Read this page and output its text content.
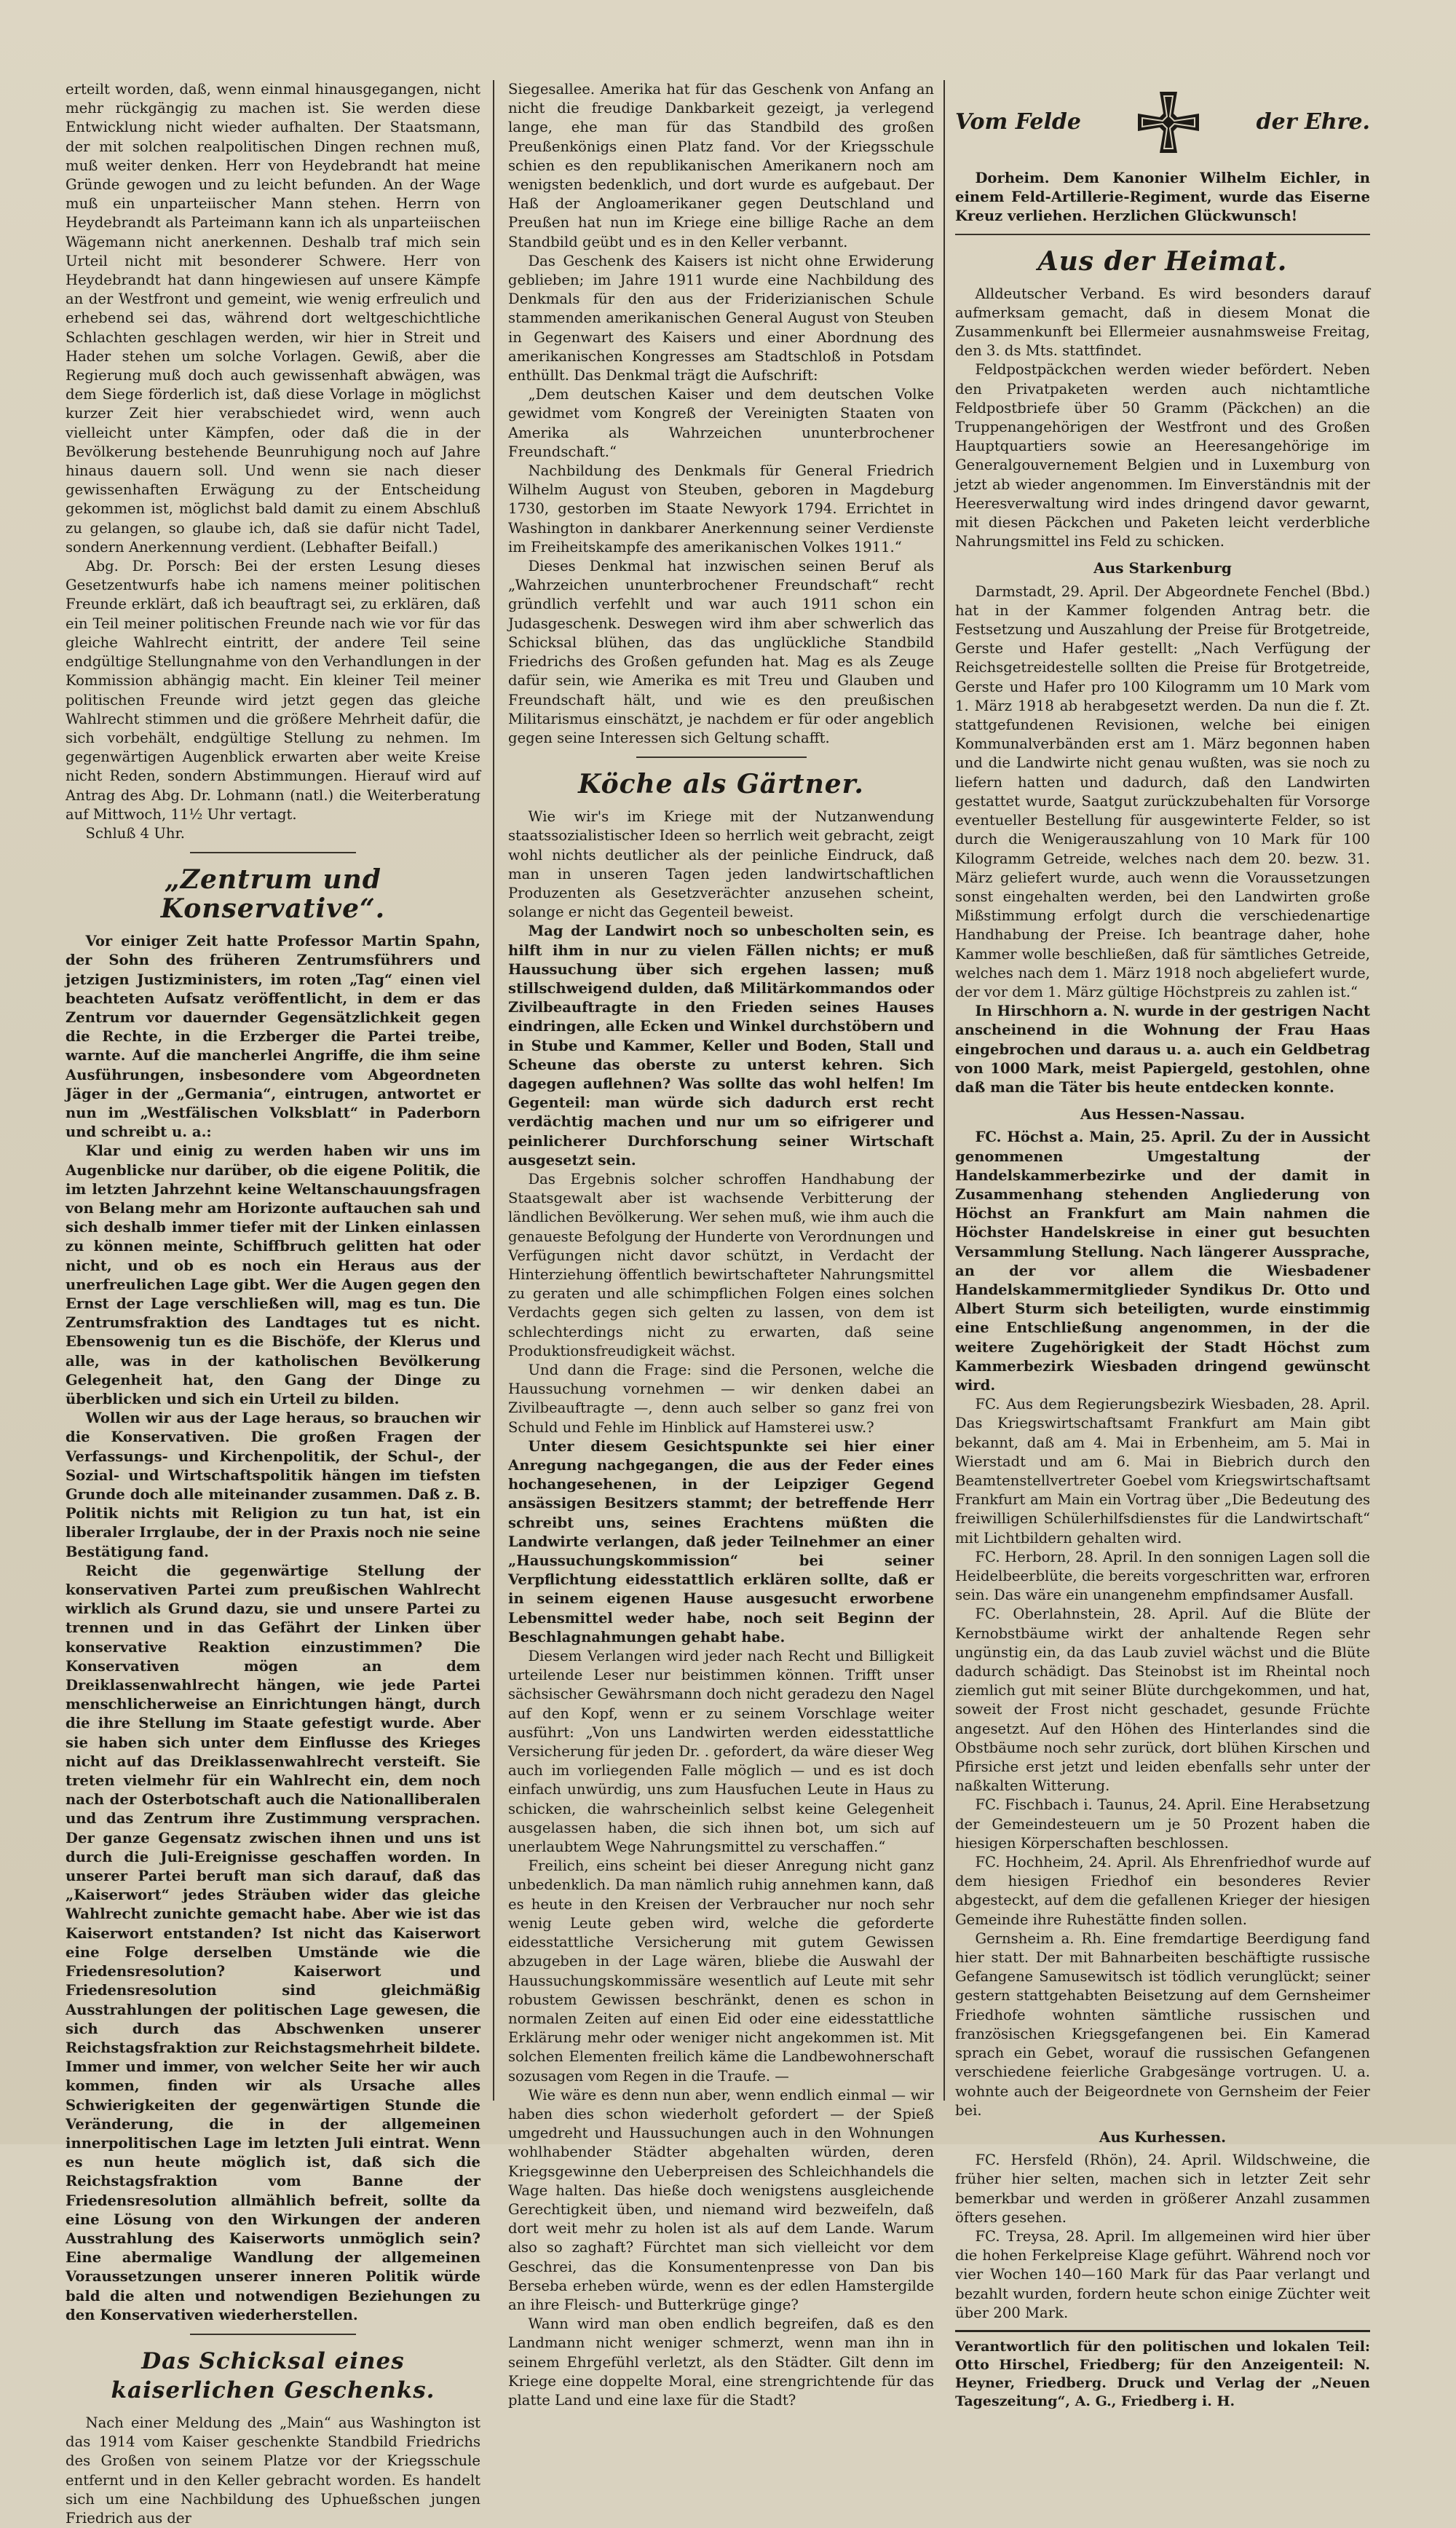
erteilt worden, daß, wenn einmal hinausgegangen, nicht mehr rückgängig zu machen ist. Sie werden diese Entwicklung nicht wieder aufhalten. Der Staatsmann, der mit solchen realpolitischen Dingen rechnen muß, muß weiter denken. Herr von Heydebrandt hat meine Gründe gewogen und zu leicht befunden. An der Wage muß ein unparteiischer Mann stehen. Herrn von Heydebrandt als Parteimann kann ich als unparteiischen Wägemann nicht anerkennen. Deshalb traf mich sein Urteil nicht mit besonderer Schwere. Herr von Heydebrandt hat dann hingewiesen auf unsere Kämpfe an der Westfront und gemeint, wie wenig erfreulich und erhebend sei das, während dort weltgeschichtliche Schlachten geschlagen werden, wir hier in Streit und Hader stehen um solche Vorlagen. Gewiß, aber die Regierung muß doch auch gewissenhaft abwägen, was dem Siege förderlich ist, daß diese Vorlage in möglichst kurzer Zeit hier verabschiedet wird, wenn auch vielleicht unter Kämpfen, oder daß die in der Bevölkerung bestehende Beunruhigung noch auf Jahre hinaus dauern soll. Und wenn sie nach dieser gewissenhaften Erwägung zu der Entscheidung gekommen ist, möglichst bald damit zu einem Abschluß zu gelangen, so glaube ich, daß sie dafür nicht Tadel, sondern Anerkennung verdient. (Lebhafter Beifall.)

Abg. Dr. Porsch: Bei der ersten Lesung dieses Gesetzentwurfs habe ich namens meiner politischen Freunde erklärt, daß ich beauftragt sei, zu erklären, daß ein Teil meiner politischen Freunde nach wie vor für das gleiche Wahlrecht eintritt, der andere Teil seine endgültige Stellungnahme von den Verhandlungen in der Kommission abhängig macht. Ein kleiner Teil meiner politischen Freunde wird jetzt gegen das gleiche Wahlrecht stimmen und die größere Mehrheit dafür, die sich vorbehält, endgültige Stellung zu nehmen. Im gegenwärtigen Augenblick erwarten aber weite Kreise nicht Reden, sondern Abstimmungen. Hierauf wird auf Antrag des Abg. Dr. Lohmann (natl.) die Weiterberatung auf Mittwoch, 11½ Uhr vertagt.

Schluß 4 Uhr.

„Zentrum und Konservative“.

Vor einiger Zeit hatte Professor Martin Spahn, der Sohn des früheren Zentrumsführers und jetzigen Justizministers, im roten „Tag“ einen viel beachteten Aufsatz veröffentlicht, in dem er das Zentrum vor dauernder Gegensätzlichkeit gegen die Rechte, in die Erzberger die Partei treibe, warnte. Auf die mancherlei Angriffe, die ihm seine Ausführungen, insbesondere vom Abgeordneten Jäger in der „Germania“, eintrugen, antwortet er nun im „Westfälischen Volksblatt“ in Paderborn und schreibt u. a.:

Klar und einig zu werden haben wir uns im Augenblicke nur darüber, ob die eigene Politik, die im letzten Jahrzehnt keine Weltanschauungsfragen von Belang mehr am Horizonte auftauchen sah und sich deshalb immer tiefer mit der Linken einlassen zu können meinte, Schiffbruch gelitten hat oder nicht, und ob es noch ein Heraus aus der unerfreulichen Lage gibt. Wer die Augen gegen den Ernst der Lage verschließen will, mag es tun. Die Zentrumsfraktion des Landtages tut es nicht. Ebensowenig tun es die Bischöfe, der Klerus und alle, was in der katholischen Bevölkerung Gelegenheit hat, den Gang der Dinge zu überblicken und sich ein Urteil zu bilden.

Wollen wir aus der Lage heraus, so brauchen wir die Konservativen. Die großen Fragen der Verfassungs- und Kirchenpolitik, der Schul-, der Sozial- und Wirtschaftspolitik hängen im tiefsten Grunde doch alle miteinander zusammen. Daß z. B. Politik nichts mit Religion zu tun hat, ist ein liberaler Irrglaube, der in der Praxis noch nie seine Bestätigung fand.

Reicht die gegenwärtige Stellung der konservativen Partei zum preußischen Wahlrecht wirklich als Grund dazu, sie und unsere Partei zu trennen und in das Gefährt der Linken über konservative Reaktion einzustimmen? Die Konservativen mögen an dem Dreiklassenwahlrecht hängen, wie jede Partei menschlicherweise an Einrichtungen hängt, durch die ihre Stellung im Staate gefestigt wurde. Aber sie haben sich unter dem Einflusse des Krieges nicht auf das Dreiklassenwahlrecht versteift. Sie treten vielmehr für ein Wahlrecht ein, dem noch nach der Osterbotschaft auch die Nationalliberalen und das Zentrum ihre Zustimmung versprachen. Der ganze Gegensatz zwischen ihnen und uns ist durch die Juli-Ereignisse geschaffen worden. In unserer Partei beruft man sich darauf, daß das „Kaiserwort“ jedes Sträuben wider das gleiche Wahlrecht zunichte gemacht habe. Aber wie ist das Kaiserwort entstanden? Ist nicht das Kaiserwort eine Folge derselben Umstände wie die Friedensresolution? Kaiserwort und Friedensresolution sind gleichmäßig Ausstrahlungen der politischen Lage gewesen, die sich durch das Abschwenken unserer Reichstagsfraktion zur Reichstagsmehrheit bildete. Immer und immer, von welcher Seite her wir auch kommen, finden wir als Ursache alles Schwierigkeiten der gegenwärtigen Stunde die Veränderung, die in der allgemeinen innerpolitischen Lage im letzten Juli eintrat. Wenn es nun heute möglich ist, daß sich die Reichstagsfraktion vom Banne der Friedensresolution allmählich befreit, sollte da eine Lösung von den Wirkungen der anderen Ausstrahlung des Kaiserworts unmöglich sein? Eine abermalige Wandlung der allgemeinen Voraussetzungen unserer inneren Politik würde bald die alten und notwendigen Beziehungen zu den Konservativen wiederherstellen.

Das Schicksal eines kaiserlichen Geschenks.

Nach einer Meldung des „Main“ aus Washington ist das 1914 vom Kaiser geschenkte Standbild Friedrichs des Großen von seinem Platze vor der Kriegsschule entfernt und in den Keller gebracht worden. Es handelt sich um eine Nachbildung des Uphueßschen jungen Friedrich aus der

Siegesallee. Amerika hat für das Geschenk von Anfang an nicht die freudige Dankbarkeit gezeigt, ja verlegend lange, ehe man für das Standbild des großen Preußenkönigs einen Platz fand. Vor der Kriegsschule schien es den republikanischen Amerikanern noch am wenigsten bedenklich, und dort wurde es aufgebaut. Der Haß der Angloamerikaner gegen Deutschland und Preußen hat nun im Kriege eine billige Rache an dem Standbild geübt und es in den Keller verbannt.

Das Geschenk des Kaisers ist nicht ohne Erwiderung geblieben; im Jahre 1911 wurde eine Nachbildung des Denkmals für den aus der Friderizianischen Schule stammenden amerikanischen General August von Steuben in Gegenwart des Kaisers und einer Abordnung des amerikanischen Kongresses am Stadtschloß in Potsdam enthüllt. Das Denkmal trägt die Aufschrift:

„Dem deutschen Kaiser und dem deutschen Volke gewidmet vom Kongreß der Vereinigten Staaten von Amerika als Wahrzeichen ununterbrochener Freundschaft.“

Nachbildung des Denkmals für General Friedrich Wilhelm August von Steuben, geboren in Magdeburg 1730, gestorben im Staate Newyork 1794. Errichtet in Washington in dankbarer Anerkennung seiner Verdienste im Freiheitskampfe des amerikanischen Volkes 1911.“

Dieses Denkmal hat inzwischen seinen Beruf als „Wahrzeichen ununterbrochener Freundschaft“ recht gründlich verfehlt und war auch 1911 schon ein Judasgeschenk. Deswegen wird ihm aber schwerlich das Schicksal blühen, das das unglückliche Standbild Friedrichs des Großen gefunden hat. Mag es als Zeuge dafür sein, wie Amerika es mit Treu und Glauben und Freundschaft hält, und wie es den preußischen Militarismus einschätzt, je nachdem er für oder angeblich gegen seine Interessen sich Geltung schafft.

Köche als Gärtner.

Wie wir's im Kriege mit der Nutzanwendung staatssozialistischer Ideen so herrlich weit gebracht, zeigt wohl nichts deutlicher als der peinliche Eindruck, daß man in unseren Tagen jeden landwirtschaftlichen Produzenten als Gesetzverächter anzusehen scheint, solange er nicht das Gegenteil beweist.

Mag der Landwirt noch so unbescholten sein, es hilft ihm in nur zu vielen Fällen nichts; er muß Haussuchung über sich ergehen lassen; muß stillschweigend dulden, daß Militärkommandos oder Zivilbeauftragte in den Frieden seines Hauses eindringen, alle Ecken und Winkel durchstöbern und in Stube und Kammer, Keller und Boden, Stall und Scheune das oberste zu unterst kehren. Sich dagegen auflehnen? Was sollte das wohl helfen! Im Gegenteil: man würde sich dadurch erst recht verdächtig machen und nur um so eifrigerer und peinlicherer Durchforschung seiner Wirtschaft ausgesetzt sein.

Das Ergebnis solcher schroffen Handhabung der Staatsgewalt aber ist wachsende Verbitterung der ländlichen Bevölkerung. Wer sehen muß, wie ihm auch die genaueste Befolgung der Hunderte von Verordnungen und Verfügungen nicht davor schützt, in Verdacht der Hinterziehung öffentlich bewirtschafteter Nahrungsmittel zu geraten und alle schimpflichen Folgen eines solchen Verdachts gegen sich gelten zu lassen, von dem ist schlechterdings nicht zu erwarten, daß seine Produktionsfreudigkeit wächst.

Und dann die Frage: sind die Personen, welche die Haussuchung vornehmen — wir denken dabei an Zivilbeauftragte —, denn auch selber so ganz frei von Schuld und Fehle im Hinblick auf Hamsterei usw.?

Unter diesem Gesichtspunkte sei hier einer Anregung nachgegangen, die aus der Feder eines hochangesehenen, in der Leipziger Gegend ansässigen Besitzers stammt; der betreffende Herr schreibt uns, seines Erachtens müßten die Landwirte verlangen, daß jeder Teilnehmer an einer „Haussuchungskommission“ bei seiner Verpflichtung eidesstattlich erklären sollte, daß er in seinem eigenen Hause ausgesucht erworbene Lebensmittel weder habe, noch seit Beginn der Beschlagnahmungen gehabt habe.

Diesem Verlangen wird jeder nach Recht und Billigkeit urteilende Leser nur beistimmen können. Trifft unser sächsischer Gewährsmann doch nicht geradezu den Nagel auf den Kopf, wenn er zu seinem Vorschlage weiter ausführt: „Von uns Landwirten werden eidesstattliche Versicherung für jeden Dr. . gefordert, da wäre dieser Weg auch im vorliegenden Falle möglich — und es ist doch einfach unwürdig, uns zum Hausfuchen Leute in Haus zu schicken, die wahrscheinlich selbst keine Gelegenheit ausgelassen haben, die sich ihnen bot, um sich auf unerlaubtem Wege Nahrungsmittel zu verschaffen.“

Freilich, eins scheint bei dieser Anregung nicht ganz unbedenklich. Da man nämlich ruhig annehmen kann, daß es heute in den Kreisen der Verbraucher nur noch sehr wenig Leute geben wird, welche die geforderte eidesstattliche Versicherung mit gutem Gewissen abzugeben in der Lage wären, bliebe die Auswahl der Haussuchungskommissäre wesentlich auf Leute mit sehr robustem Gewissen beschränkt, denen es schon in normalen Zeiten auf einen Eid oder eine eidesstattliche Erklärung mehr oder weniger nicht angekommen ist. Mit solchen Elementen freilich käme die Landbewohnerschaft sozusagen vom Regen in die Traufe. —

Wie wäre es denn nun aber, wenn endlich einmal — wir haben dies schon wiederholt gefordert — der Spieß umgedreht und Haussuchungen auch in den Wohnungen wohlhabender Städter abgehalten würden, deren Kriegsgewinne den Ueberpreisen des Schleichhandels die Wage halten. Das hieße doch wenigstens ausgleichende Gerechtigkeit üben, und niemand wird bezweifeln, daß dort weit mehr zu holen ist als auf dem Lande. Warum also so zaghaft? Fürchtet man sich vielleicht vor dem Geschrei, das die Konsumentenpresse von Dan bis Berseba erheben würde, wenn es der edlen Hamstergilde an ihre Fleisch- und Butterkrüge ginge?

Wann wird man oben endlich begreifen, daß es den Landmann nicht weniger schmerzt, wenn man ihn in seinem Ehrgefühl verletzt, als den Städter. Gilt denn im Kriege eine doppelte Moral, eine strengrichtende für das platte Land und eine laxe für die Stadt?

Vom Felde	der Ehre.

Dorheim. Dem Kanonier Wilhelm Eichler, in einem Feld-Artillerie-Regiment, wurde das Eiserne Kreuz verliehen. Herzlichen Glückwunsch!

Aus der Heimat.

Alldeutscher Verband. Es wird besonders darauf aufmerksam gemacht, daß in diesem Monat die Zusammenkunft bei Ellermeier ausnahmsweise Freitag, den 3. ds Mts. stattfindet.

Feldpostpäckchen werden wieder befördert. Neben den Privatpaketen werden auch nichtamtliche Feldpostbriefe über 50 Gramm (Päckchen) an die Truppenangehörigen der Westfront und des Großen Hauptquartiers sowie an Heeresangehörige im Generalgouvernement Belgien und in Luxemburg von jetzt ab wieder angenommen. Im Einverständnis mit der Heeresverwaltung wird indes dringend davor gewarnt, mit diesen Päckchen und Paketen leicht verderbliche Nahrungsmittel ins Feld zu schicken.

Aus Starkenburg

Darmstadt, 29. April. Der Abgeordnete Fenchel (Bbd.) hat in der Kammer folgenden Antrag betr. die Festsetzung und Auszahlung der Preise für Brotgetreide, Gerste und Hafer gestellt: „Nach Verfügung der Reichsgetreidestelle sollten die Preise für Brotgetreide, Gerste und Hafer pro 100 Kilogramm um 10 Mark vom 1. März 1918 ab herabgesetzt werden. Da nun die f. Zt. stattgefundenen Revisionen, welche bei einigen Kommunalverbänden erst am 1. März begonnen haben und die Landwirte nicht genau wußten, was sie noch zu liefern hatten und dadurch, daß den Landwirten gestattet wurde, Saatgut zurückzubehalten für Vorsorge eventueller Bestellung für ausgewinterte Felder, so ist durch die Wenigerauszahlung von 10 Mark für 100 Kilogramm Getreide, welches nach dem 20. bezw. 31. März geliefert wurde, auch wenn die Voraussetzungen sonst eingehalten werden, bei den Landwirten große Mißstimmung erfolgt durch die verschiedenartige Handhabung der Preise. Ich beantrage daher, hohe Kammer wolle beschließen, daß für sämtliches Getreide, welches nach dem 1. März 1918 noch abgeliefert wurde, der vor dem 1. März gültige Höchstpreis zu zahlen ist.“

In Hirschhorn a. N. wurde in der gestrigen Nacht anscheinend in die Wohnung der Frau Haas eingebrochen und daraus u. a. auch ein Geldbetrag von 1000 Mark, meist Papiergeld, gestohlen, ohne daß man die Täter bis heute entdecken konnte.

Aus Hessen-Nassau.

FC. Höchst a. Main, 25. April. Zu der in Aussicht genommenen Umgestaltung der Handelskammerbezirke und der damit in Zusammenhang stehenden Angliederung von Höchst an Frankfurt am Main nahmen die Höchster Handelskreise in einer gut besuchten Versammlung Stellung. Nach längerer Aussprache, an der vor allem die Wiesbadener Handelskammermitglieder Syndikus Dr. Otto und Albert Sturm sich beteiligten, wurde einstimmig eine Entschließung angenommen, in der die weitere Zugehörigkeit der Stadt Höchst zum Kammerbezirk Wiesbaden dringend gewünscht wird.

FC. Aus dem Regierungsbezirk Wiesbaden, 28. April. Das Kriegswirtschaftsamt Frankfurt am Main gibt bekannt, daß am 4. Mai in Erbenheim, am 5. Mai in Wierstadt und am 6. Mai in Biebrich durch den Beamtenstellvertreter Goebel vom Kriegswirtschaftsamt Frankfurt am Main ein Vortrag über „Die Bedeutung des freiwilligen Schülerhilfsdienstes für die Landwirtschaft“ mit Lichtbildern gehalten wird.

FC. Herborn, 28. April. In den sonnigen Lagen soll die Heidelbeerblüte, die bereits vorgeschritten war, erfroren sein. Das wäre ein unangenehm empfindsamer Ausfall.

FC. Oberlahnstein, 28. April. Auf die Blüte der Kernobstbäume wirkt der anhaltende Regen sehr ungünstig ein, da das Laub zuviel wächst und die Blüte dadurch schädigt. Das Steinobst ist im Rheintal noch ziemlich gut mit seiner Blüte durchgekommen, und hat, soweit der Frost nicht geschadet, gesunde Früchte angesetzt. Auf den Höhen des Hinterlandes sind die Obstbäume noch sehr zurück, dort blühen Kirschen und Pfirsiche erst jetzt und leiden ebenfalls sehr unter der naßkalten Witterung.

FC. Fischbach i. Taunus, 24. April. Eine Herabsetzung der Gemeindesteuern um je 50 Prozent haben die hiesigen Körperschaften beschlossen.

FC. Hochheim, 24. April. Als Ehrenfriedhof wurde auf dem hiesigen Friedhof ein besonderes Revier abgesteckt, auf dem die gefallenen Krieger der hiesigen Gemeinde ihre Ruhestätte finden sollen.

Gernsheim a. Rh. Eine fremdartige Beerdigung fand hier statt. Der mit Bahnarbeiten beschäftigte russische Gefangene Samusewitsch ist tödlich verunglückt; seiner gestern stattgehabten Beisetzung auf dem Gernsheimer Friedhofe wohnten sämtliche russischen und französischen Kriegsgefangenen bei. Ein Kamerad sprach ein Gebet, worauf die russischen Gefangenen verschiedene feierliche Grabgesänge vortrugen. U. a. wohnte auch der Beigeordnete von Gernsheim der Feier bei.

Aus Kurhessen.

FC. Hersfeld (Rhön), 24. April. Wildschweine, die früher hier selten, machen sich in letzter Zeit sehr bemerkbar und werden in größerer Anzahl zusammen öfters gesehen.

FC. Treysa, 28. April. Im allgemeinen wird hier über die hohen Ferkelpreise Klage geführt. Während noch vor vier Wochen 140—160 Mark für das Paar verlangt und bezahlt wurden, fordern heute schon einige Züchter weit über 200 Mark.

Verantwortlich für den politischen und lokalen Teil: Otto Hirschel, Friedberg; für den Anzeigenteil: N. Heyner, Friedberg. Druck und Verlag der „Neuen Tageszeitung“, A. G., Friedberg i. H.
